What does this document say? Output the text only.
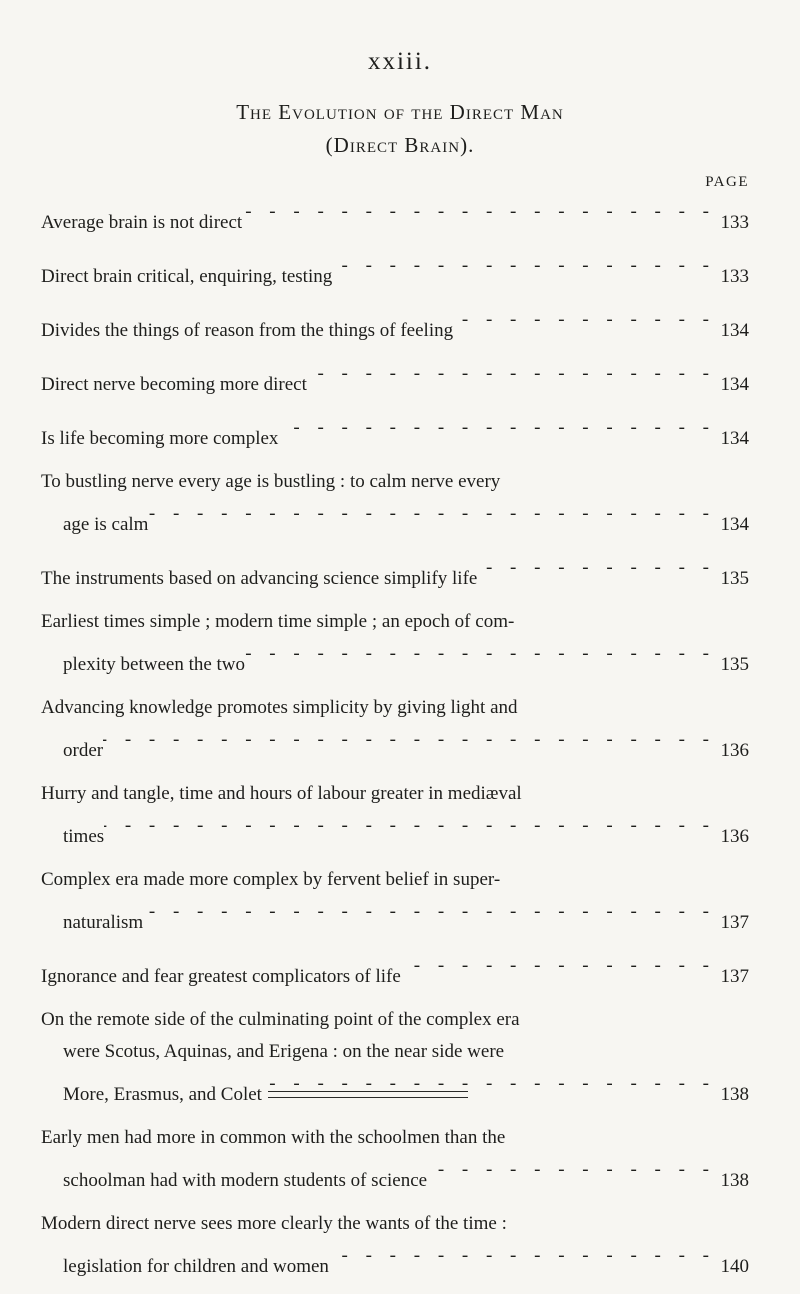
xxiii.
The Evolution of the Direct Man
(Direct Brain).
PAGE
Average brain is not direct - - -	133
Direct brain critical, enquiring, testing - - -	133
Divides the things of reason from the things of feeling - - -	134
Direct nerve becoming more direct - - -	134
Is life becoming more complex - - -	134
To bustling nerve every age is bustling : to calm nerve every
age is calm - - -	134
The instruments based on advancing science simplify life - - -	135
Earliest times simple ; modern time simple ; an epoch of com-
plexity between the two - - -	135
Advancing knowledge promotes simplicity by giving light and
order - - -	136
Hurry and tangle, time and hours of labour greater in mediæval
times - - -	136
Complex era made more complex by fervent belief in super-
naturalism - - -	137
Ignorance and fear greatest complicators of life - - -	137
On the remote side of the culminating point of the complex era
were Scotus, Aquinas, and Erigena : on the near side were
More, Erasmus, and Colet - - -	138
Early men had more in common with the schoolmen than the
schoolman had with modern students of science - - -	138
Modern direct nerve sees more clearly the wants of the time :
legislation for children and women - - -	140
